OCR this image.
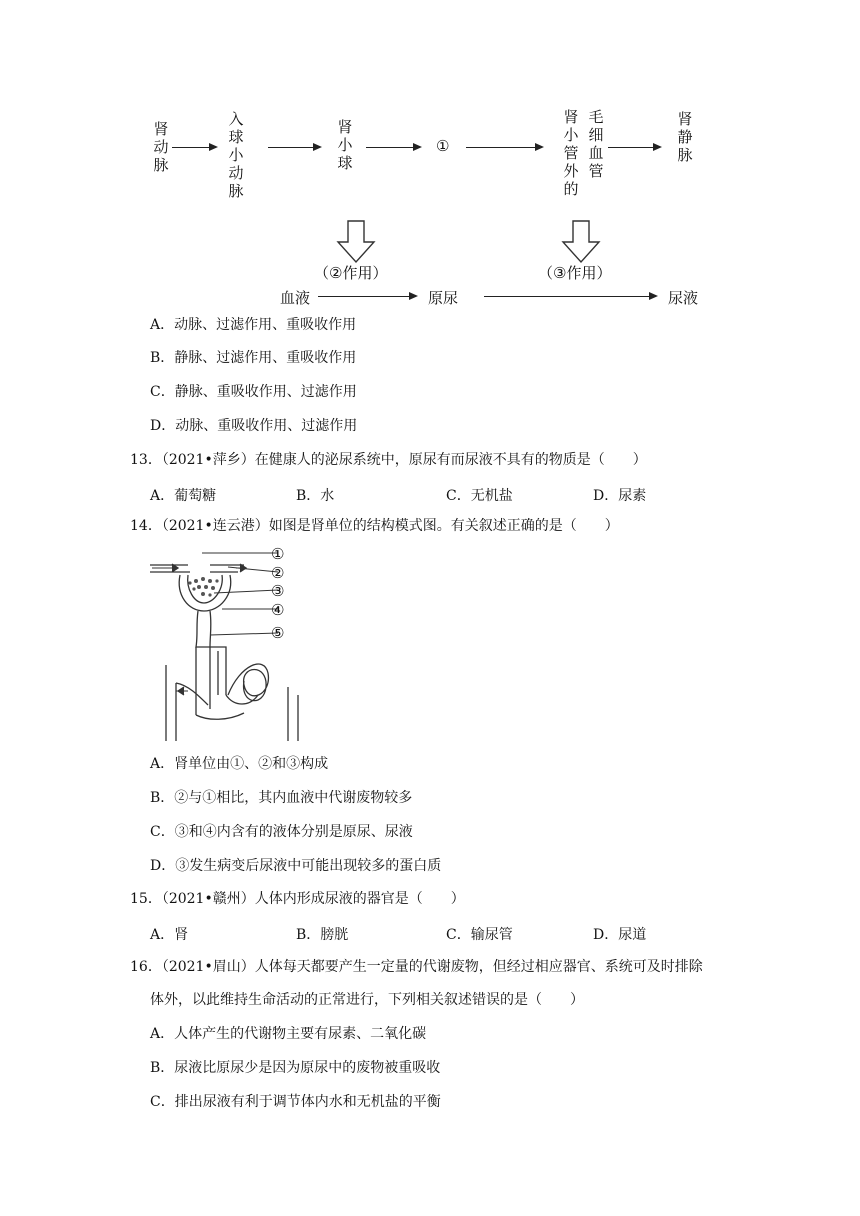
肾
动
脉
入
球
小
动
脉
肾
小
球
①
肾
小
管
外
的
毛
细
血
管
肾
静
脉
（②作用）	（③作用）
血液	原尿	尿液
A．动脉、过滤作用、重吸收作用
B．静脉、过滤作用、重吸收作用
C．静脉、重吸收作用、过滤作用
D．动脉、重吸收作用、过滤作用
13．（2021•萍乡）在健康人的泌尿系统中，原尿有而尿液不具有的物质是（　　）
A．葡萄糖	B．水	C．无机盐	D．尿素
14．（2021•连云港）如图是肾单位的结构模式图。有关叙述正确的是（　　）
①
②
③
④
⑤
A．肾单位由①、②和③构成
B．②与①相比，其内血液中代谢废物较多
C．③和④内含有的液体分别是原尿、尿液
D．③发生病变后尿液中可能出现较多的蛋白质
15．（2021•赣州）人体内形成尿液的器官是（　　）
A．肾	B．膀胱	C．输尿管	D．尿道
16．（2021•眉山）人体每天都要产生一定量的代谢废物，但经过相应器官、系统可及时排除
体外，以此维持生命活动的正常进行，下列相关叙述错误的是（　　）
A．人体产生的代谢物主要有尿素、二氧化碳
B．尿液比原尿少是因为原尿中的废物被重吸收
C．排出尿液有利于调节体内水和无机盐的平衡
